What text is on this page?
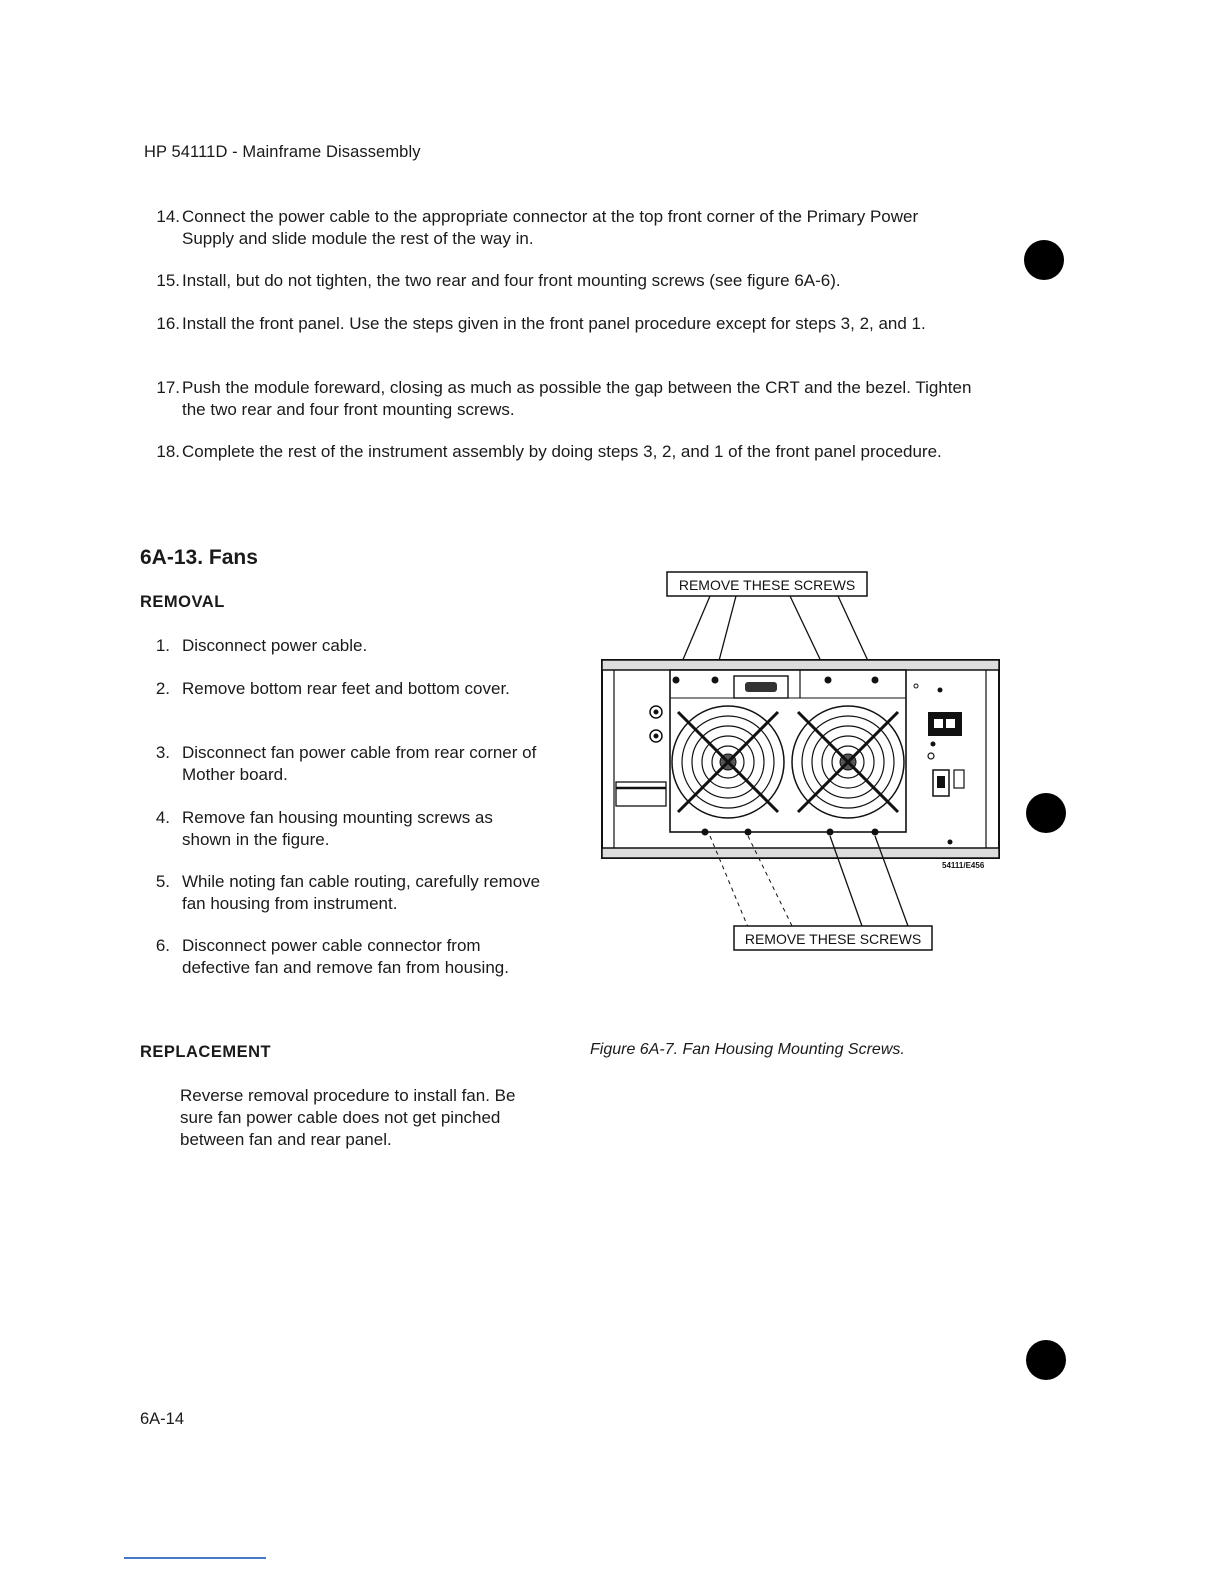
HP 54111D - Mainframe Disassembly
14. Connect the power cable to the appropriate connector at the top front corner of the Primary Power Supply and slide module the rest of the way in.
15. Install, but do not tighten, the two rear and four front mounting screws (see figure 6A-6).
16. Install the front panel. Use the steps given in the front panel procedure except for steps 3, 2, and 1.
17. Push the module foreward, closing as much as possible the gap between the CRT and the bezel. Tighten the two rear and four front mounting screws.
18. Complete the rest of the instrument assembly by doing steps 3, 2, and 1 of the front panel procedure.
6A-13. Fans
REMOVAL
1. Disconnect power cable.
2. Remove bottom rear feet and bottom cover.
3. Disconnect fan power cable from rear corner of Mother board.
4. Remove fan housing mounting screws as shown in the figure.
5. While noting fan cable routing, carefully remove fan housing from instrument.
6. Disconnect power cable connector from defective fan and remove fan from housing.
REPLACEMENT
Reverse removal procedure to install fan. Be sure fan power cable does not get pinched between fan and rear panel.
REMOVE THESE SCREWS
54111/E456
REMOVE THESE SCREWS
Figure 6A-7. Fan Housing Mounting Screws.
6A-14
